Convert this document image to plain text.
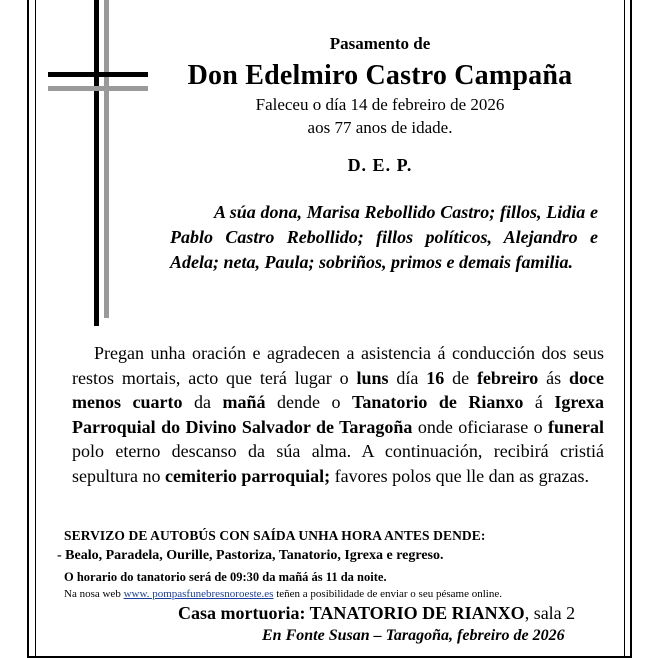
Pasamento de
Don Edelmiro Castro Campaña
Faleceu o día 14 de febreiro de 2026
aos 77 anos de idade.
D. E. P.
A súa dona, Marisa Rebollido Castro; fillos, Lidia e Pablo Castro Rebollido; fillos políticos, Alejandro e Adela; neta, Paula; sobriños, primos e demais familia.
Pregan unha oración e agradecen a asistencia á conducción dos seus restos mortais, acto que terá lugar o luns día 16 de febreiro ás doce menos cuarto da mañá dende o Tanatorio de Rianxo á Igrexa Parroquial do Divino Salvador de Taragoña onde oficiarase o funeral polo eterno descanso da súa alma. A continuación, recibirá cristiá sepultura no cemiterio parroquial; favores polos que lle dan as grazas.
SERVIZO DE AUTOBÚS CON SAÍDA UNHA HORA ANTES DENDE:
- Bealo, Paradela, Ourille, Pastoriza, Tanatorio, Igrexa e regreso.
O horario do tanatorio será de 09:30 da mañá ás 11 da noite.
Na nosa web www. pompasfunebresnoroeste.es teñen a posibilidade de enviar o seu pésame online.
Casa mortuoria: TANATORIO DE RIANXO, sala 2
En Fonte Susan – Taragoña, febreiro de 2026
